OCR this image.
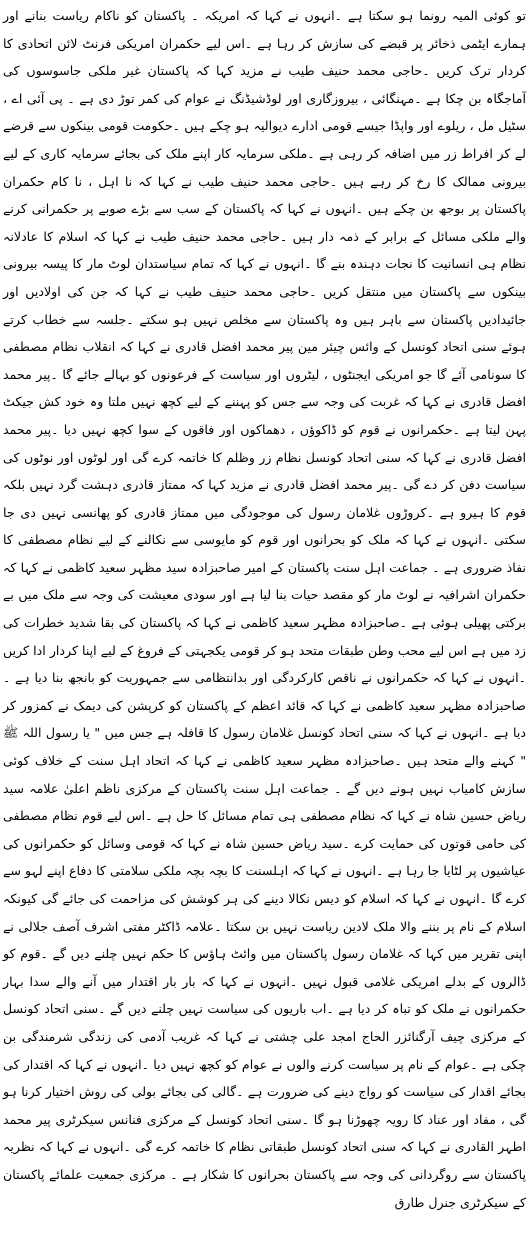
تو کوئی المیہ رونما ہو سکتا ہے ۔انہوں نے کہا کہ امریکہ ۔ پاکستان کو ناکام ریاست بنانے اور ہمارے ایٹمی ذخائر پر قبضے کی سازش کر رہا ہے ۔اس لیے حکمران امریکی فرنٹ لائن اتحادی کا کردار ترک کریں ۔حاجی محمد حنیف طیب نے مزید کہا کہ پاکستان غیر ملکی جاسوسوں کی آماجگاہ بن چکا ہے ۔مہنگائی ، بیروزگاری اور لوڈشیڈنگ نے عوام کی کمر توڑ دی ہے ۔ پی آئی اے ، سٹیل مل ، ریلوے اور واپڈا جیسے قومی ادارے دیوالیہ ہو چکے ہیں ۔حکومت قومی بینکوں سے قرضے لے کر افراط زر میں اضافہ کر رہی ہے ۔ملکی سرمایہ کار اپنے ملک کی بجائے سرمایہ کاری کے لیے بیرونی ممالک کا رخ کر رہے ہیں ۔حاجی محمد حنیف طیب نے کہا کہ نا اہل ، نا کام حکمران پاکستان پر بوجھ بن چکے ہیں ۔انہوں نے کہا کہ پاکستان کے سب سے بڑے صوبے پر حکمرانی کرنے والے ملکی مسائل کے برابر کے ذمہ دار ہیں ۔حاجی محمد حنیف طیب نے کہا کہ اسلام کا عادلانہ نظام ہی انسانیت کا نجات دہندہ بنے گا ۔انہوں نے کہا کہ تمام سیاستدان لوٹ مار کا پیسہ بیرونی بینکوں سے پاکستان میں منتقل کریں ۔حاجی محمد حنیف طیب نے کہا کہ جن کی اولادیں اور جائیدادیں پاکستان سے باہر ہیں وہ پاکستان سے مخلص نہیں ہو سکتے ۔جلسہ سے خطاب کرتے ہوئے سنی اتحاد کونسل کے وائس چیئر مین پیر محمد افضل قادری نے کہا کہ انقلاب نظام مصطفی کا سونامی آئے گا جو امریکی ایجنٹوں ، لیٹروں اور سیاست کے فرعونوں کو بہالے جائے گا ۔پیر محمد افضل قادری نے کہا کہ غربت کی وجہ سے جس کو پہننے کے لیے کچھ نہیں ملتا وہ خود کش جیکٹ پہن لیتا ہے ۔حکمرانوں نے قوم کو ڈاکوؤں ، دھماکوں اور فاقوں کے سوا کچھ نہیں دیا ۔پیر محمد افضل قادری نے کہا کہ سنی اتحاد کونسل نظام زر وظلم کا خاتمہ کرے گی اور لوٹوں اور نوٹوں کی سیاست دفن کر دے گی ۔پیر محمد افضل قادری نے مزید کہا کہ ممتاز قادری دہشت گرد نہیں بلکہ قوم کا ہیرو ہے ۔کروڑوں غلامان رسول کی موجودگی میں ممتاز قادری کو پھانسی نہیں دی جا سکتی ۔انہوں نے کہا کہ ملک کو بحرانوں اور قوم کو مایوسی سے نکالنے کے لیے نظام مصطفی کا نفاذ ضروری ہے ۔ جماعت اہل سنت پاکستان کے امیر صاحبزادہ سید مظہر سعید کاظمی نے کہا کہ حکمران اشرافیہ نے لوٹ مار کو مقصد حیات بنا لیا ہے اور سودی معیشت کی وجہ سے ملک میں بے برکتی پھیلی ہوئی ہے ۔صاحبزادہ مظہر سعید کاظمی نے کہا کہ پاکستان کی بقا شدید خطرات کی زد میں ہے اس لیے محب وطن طبقات متحد ہو کر قومی یکجہتی کے فروغ کے لیے اپنا کردار ادا کریں ۔انہوں نے کہا کہ حکمرانوں نے ناقص کارکردگی اور بدانتظامی سے جمہوریت کو بانجھ بنا دیا ہے ۔صاحبزادہ مظہر سعید کاظمی نے کہا کہ قائد اعظم کے پاکستان کو کرپشن کی دیمک نے کمزور کر دیا ہے ۔انہوں نے کہا کہ سنی اتحاد کونسل غلامان رسول کا قافلہ ہے جس میں " یا رسول اللہ ﷺ " کہنے والے متحد ہیں ۔صاحبزادہ مظہر سعید کاظمی نے کہا کہ اتحاد اہل سنت کے خلاف کوئی سازش کامیاب نہیں ہونے دیں گے ۔ جماعت اہل سنت پاکستان کے مرکزی ناظم اعلیٰ علامہ سید ریاض حسین شاہ نے کہا کہ نظام مصطفی ہی تمام مسائل کا حل ہے ۔اس لیے قوم نظام مصطفی کی حامی قوتوں کی حمایت کرے ۔سید ریاض حسین شاہ نے کہا کہ قومی وسائل کو حکمرانوں کی عیاشیوں پر لٹایا جا رہا ہے ۔انہوں نے کہا کہ اہلسنت کا بچہ بچہ ملکی سلامتی کا دفاع اپنے لہو سے کرے گا ۔انہوں نے کہا کہ اسلام کو دیس نکالا دینے کی ہر کوشش کی مزاحمت کی جائے گی کیونکہ اسلام کے نام پر بننے والا ملک لادین ریاست نہیں بن سکتا ۔علامہ ڈاکٹر مفتی اشرف آصف جلالی نے اپنی تقریر میں کہا کہ غلامان رسول پاکستان میں وائٹ ہاؤس کا حکم نہیں چلنے دیں گے ۔قوم کو ڈالروں کے بدلے امریکی غلامی قبول نہیں ۔انہوں نے کہا کہ بار بار اقتدار میں آنے والے سدا بہار حکمرانوں نے ملک کو تباہ کر دیا ہے ۔اب باریوں کی سیاست نہیں چلنے دیں گے ۔سنی اتحاد کونسل کے مرکزی چیف آرگنائزر الحاج امجد علی چشتی نے کہا کہ غریب آدمی کی زندگی شرمندگی بن چکی ہے ۔عوام کے نام پر سیاست کرنے والوں نے عوام کو کچھ نہیں دیا ۔انہوں نے کہا کہ اقتدار کی بجائے اقدار کی سیاست کو رواج دینے کی ضرورت ہے ۔گالی کی بجائے بولی کی روش اختیار کرنا ہو گی ، مفاد اور عناد کا رویہ چھوڑنا ہو گا ۔سنی اتحاد کونسل کے مرکزی فنانس سیکرٹری پیر محمد اطہر القادری نے کہا کہ سنی اتحاد کونسل طبقاتی نظام کا خاتمہ کرے گی ۔انہوں نے کہا کہ نظریہ پاکستان سے روگردانی کی وجہ سے پاکستان بحرانوں کا شکار ہے ۔ مرکزی جمعیت علمائے پاکستان کے سیکرٹری جنرل طارق
